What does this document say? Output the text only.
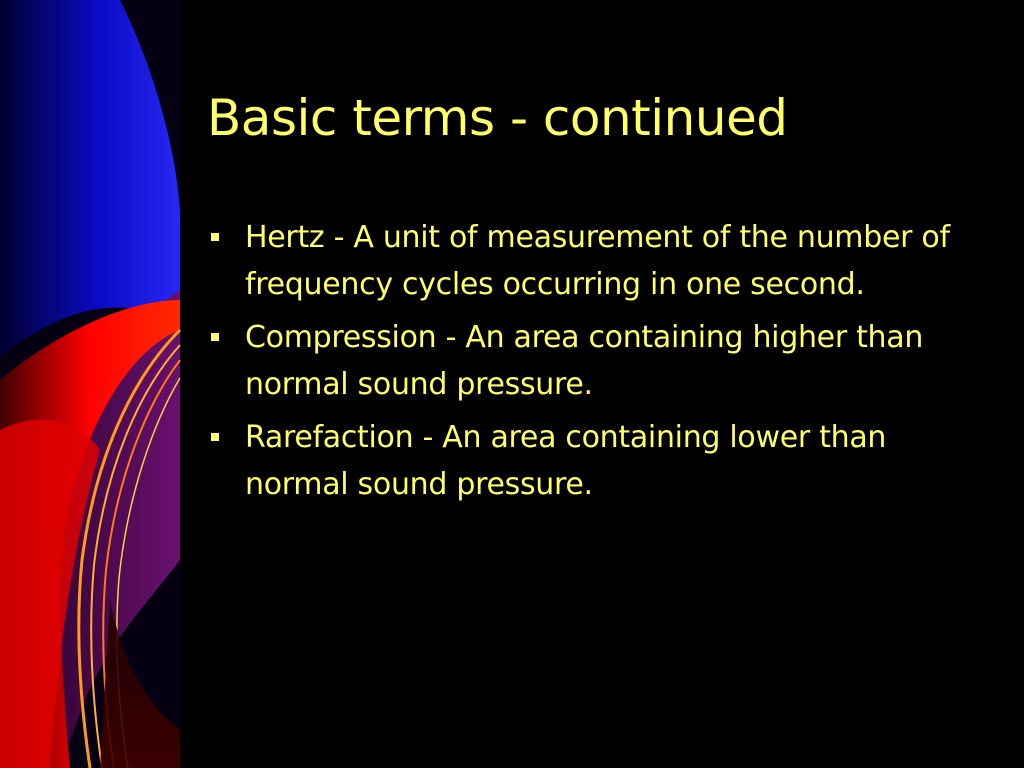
Basic terms - continued
Hertz - A unit of measurement of the number of frequency cycles occurring in one second.
Compression - An area containing higher than normal sound pressure.
Rarefaction - An area containing lower than normal sound pressure.
